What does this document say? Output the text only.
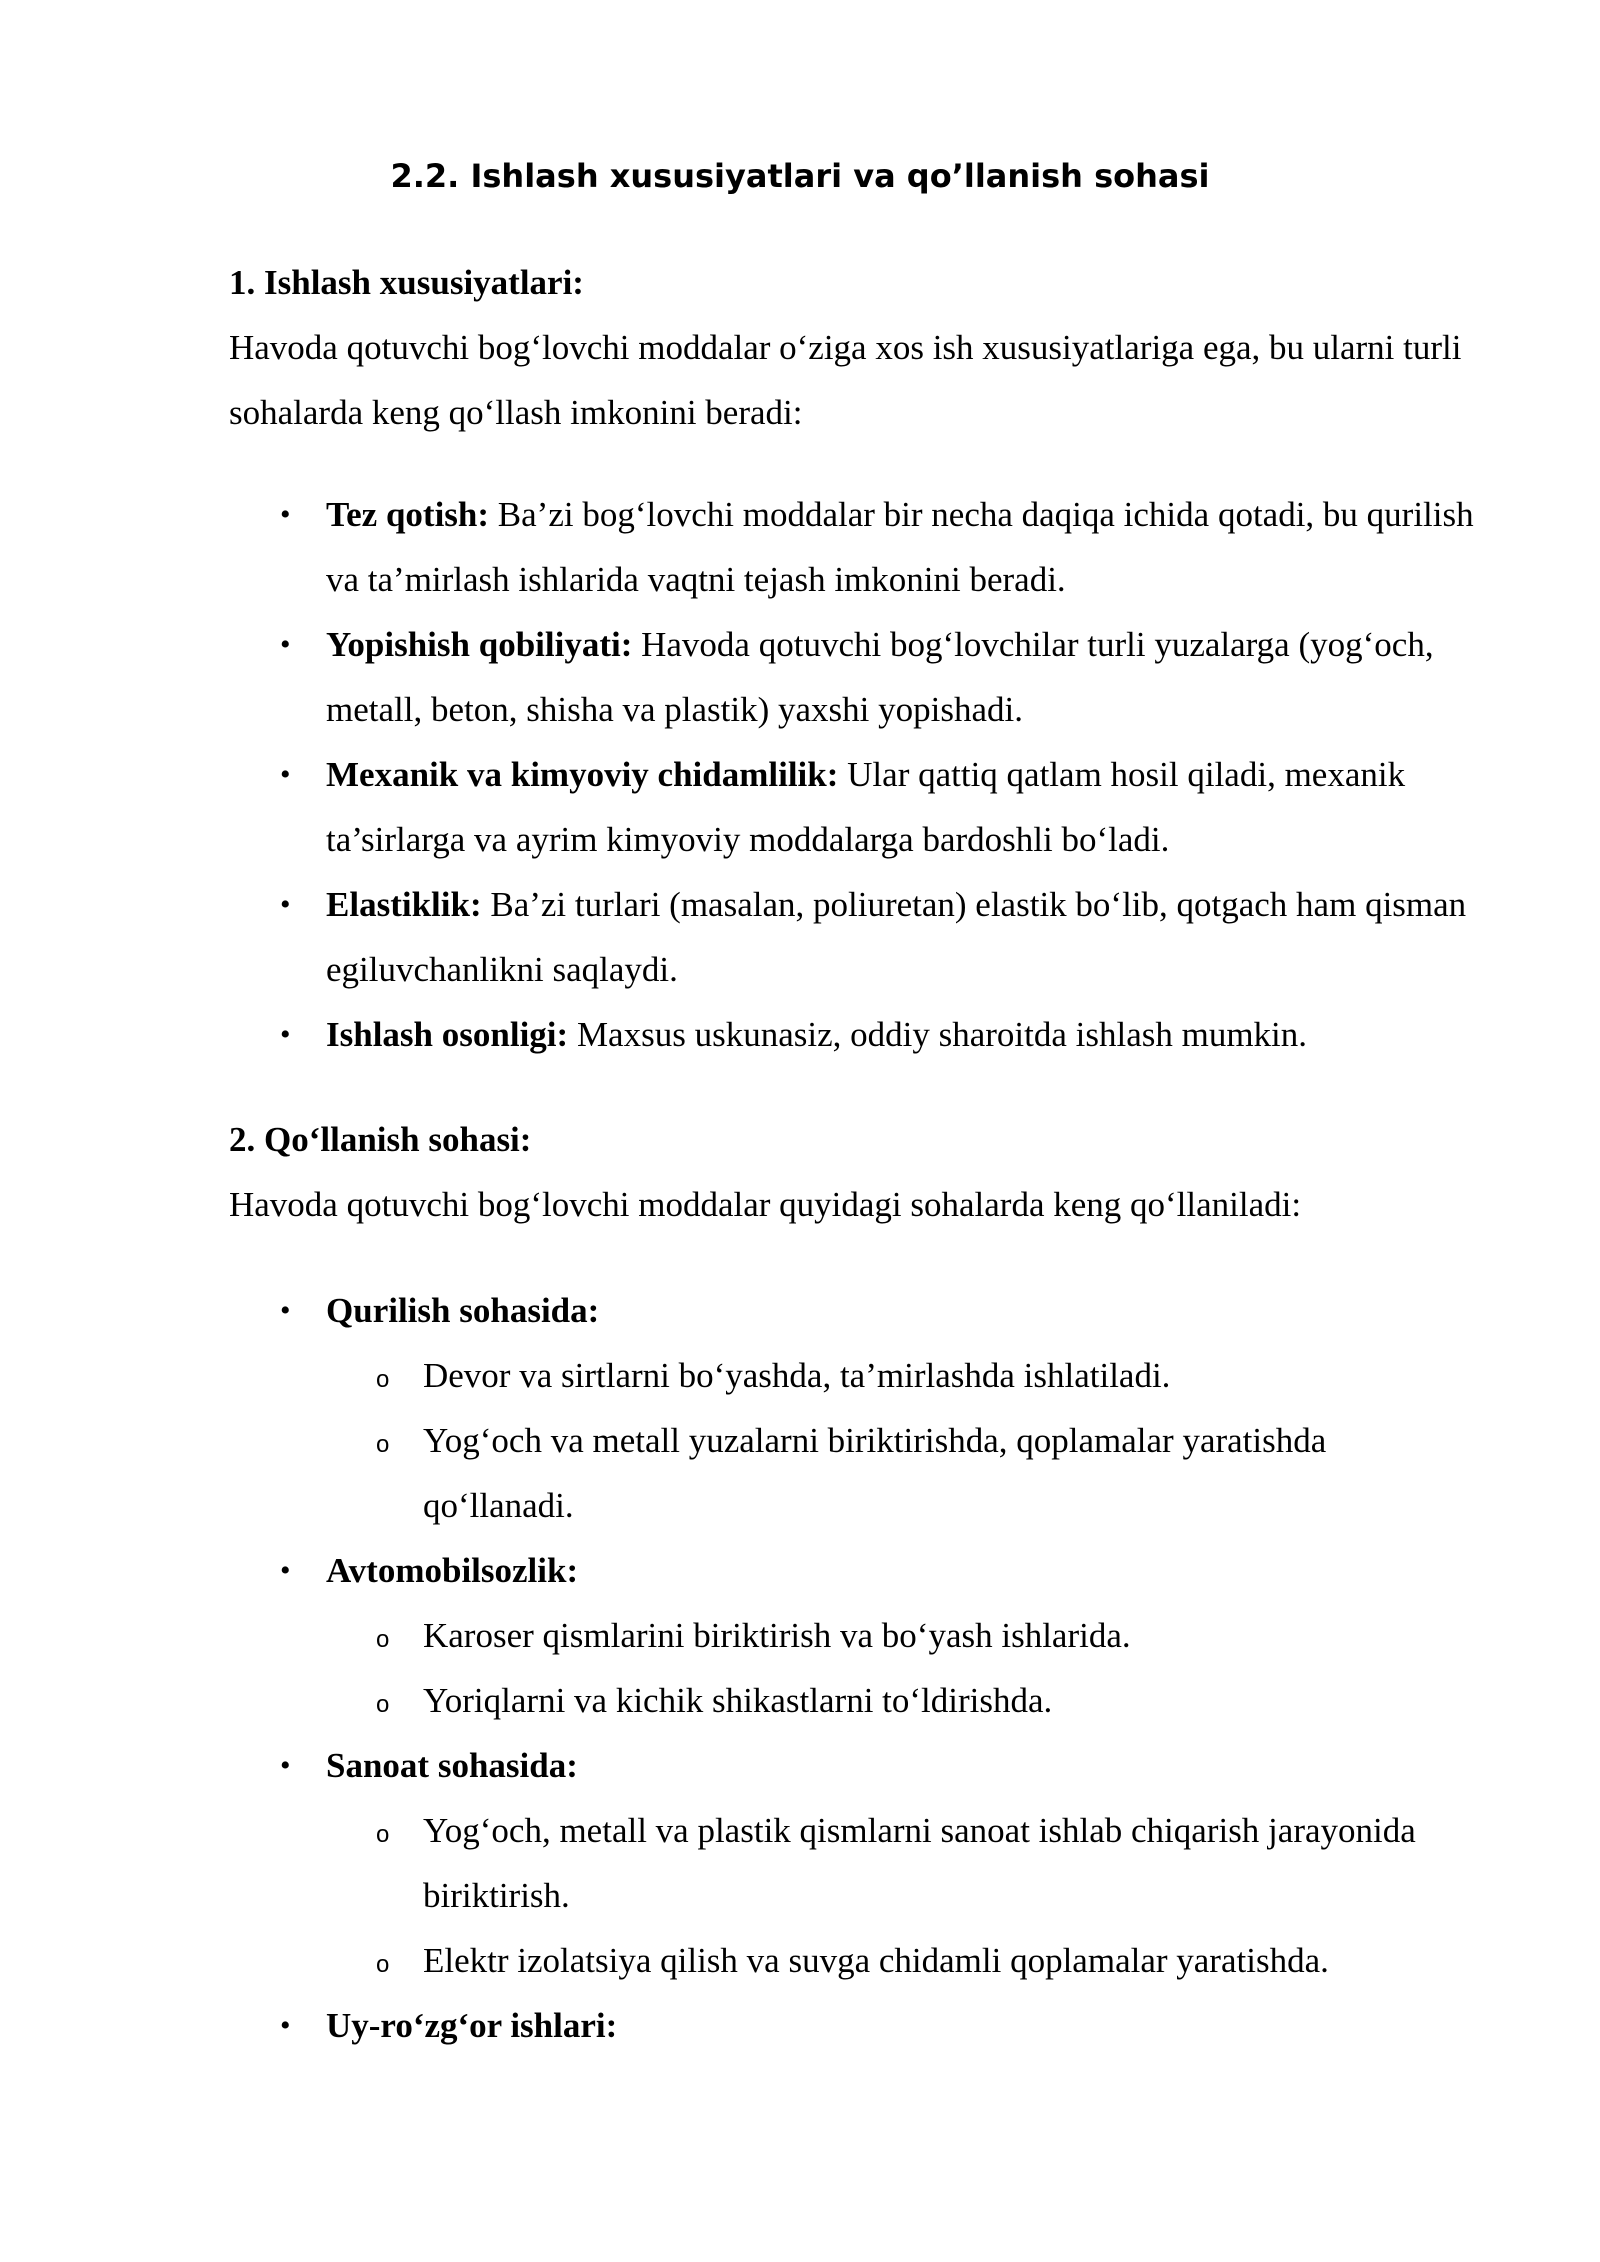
2.2. Ishlash xususiyatlari va qo’llanish sohasi
1. Ishlash xususiyatlari:
Havoda qotuvchi bog‘lovchi moddalar o‘ziga xos ish xususiyatlariga ega, bu ularni turli sohalarda keng qo‘llash imkonini beradi:
• Tez qotish: Ba’zi bog‘lovchi moddalar bir necha daqiqa ichida qotadi, bu qurilish va ta’mirlash ishlarida vaqtni tejash imkonini beradi.
• Yopishish qobiliyati: Havoda qotuvchi bog‘lovchilar turli yuzalarga (yog‘och, metall, beton, shisha va plastik) yaxshi yopishadi.
• Mexanik va kimyoviy chidamlilik: Ular qattiq qatlam hosil qiladi, mexanik ta’sirlarga va ayrim kimyoviy moddalarga bardoshli bo‘ladi.
• Elastiklik: Ba’zi turlari (masalan, poliuretan) elastik bo‘lib, qotgach ham qisman egiluvchanlikni saqlaydi.
• Ishlash osonligi: Maxsus uskunasiz, oddiy sharoitda ishlash mumkin.
2. Qo‘llanish sohasi:
Havoda qotuvchi bog‘lovchi moddalar quyidagi sohalarda keng qo‘llaniladi:
• Qurilish sohasida:
o Devor va sirtlarni bo‘yashda, ta’mirlashda ishlatiladi.
o Yog‘och va metall yuzalarni biriktirishda, qoplamalar yaratishda qo‘llanadi.
• Avtomobilsozlik:
o Karoser qismlarini biriktirish va bo‘yash ishlarida.
o Yoriqlarni va kichik shikastlarni to‘ldirishda.
• Sanoat sohasida:
o Yog‘och, metall va plastik qismlarni sanoat ishlab chiqarish jarayonida biriktirish.
o Elektr izolatsiya qilish va suvga chidamli qoplamalar yaratishda.
• Uy-ro‘zg‘or ishlari:
